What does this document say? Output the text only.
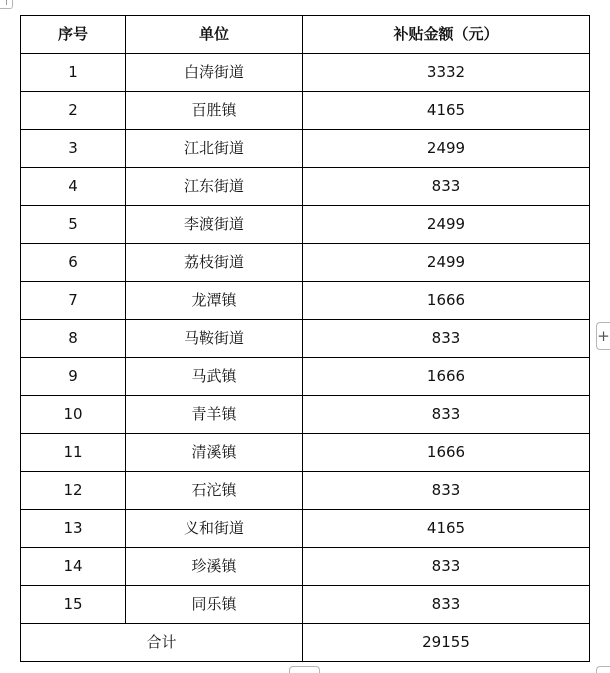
序号	单位	补贴金额（元）
1	白涛街道	3332
2	百胜镇	4165
3	江北街道	2499
4	江东街道	833
5	李渡街道	2499
6	荔枝街道	2499
7	龙潭镇	1666
8	马鞍街道	833
9	马武镇	1666
10	青羊镇	833
11	清溪镇	1666
12	石沱镇	833
13	义和街道	4165
14	珍溪镇	833
15	同乐镇	833
合计		29155
+
